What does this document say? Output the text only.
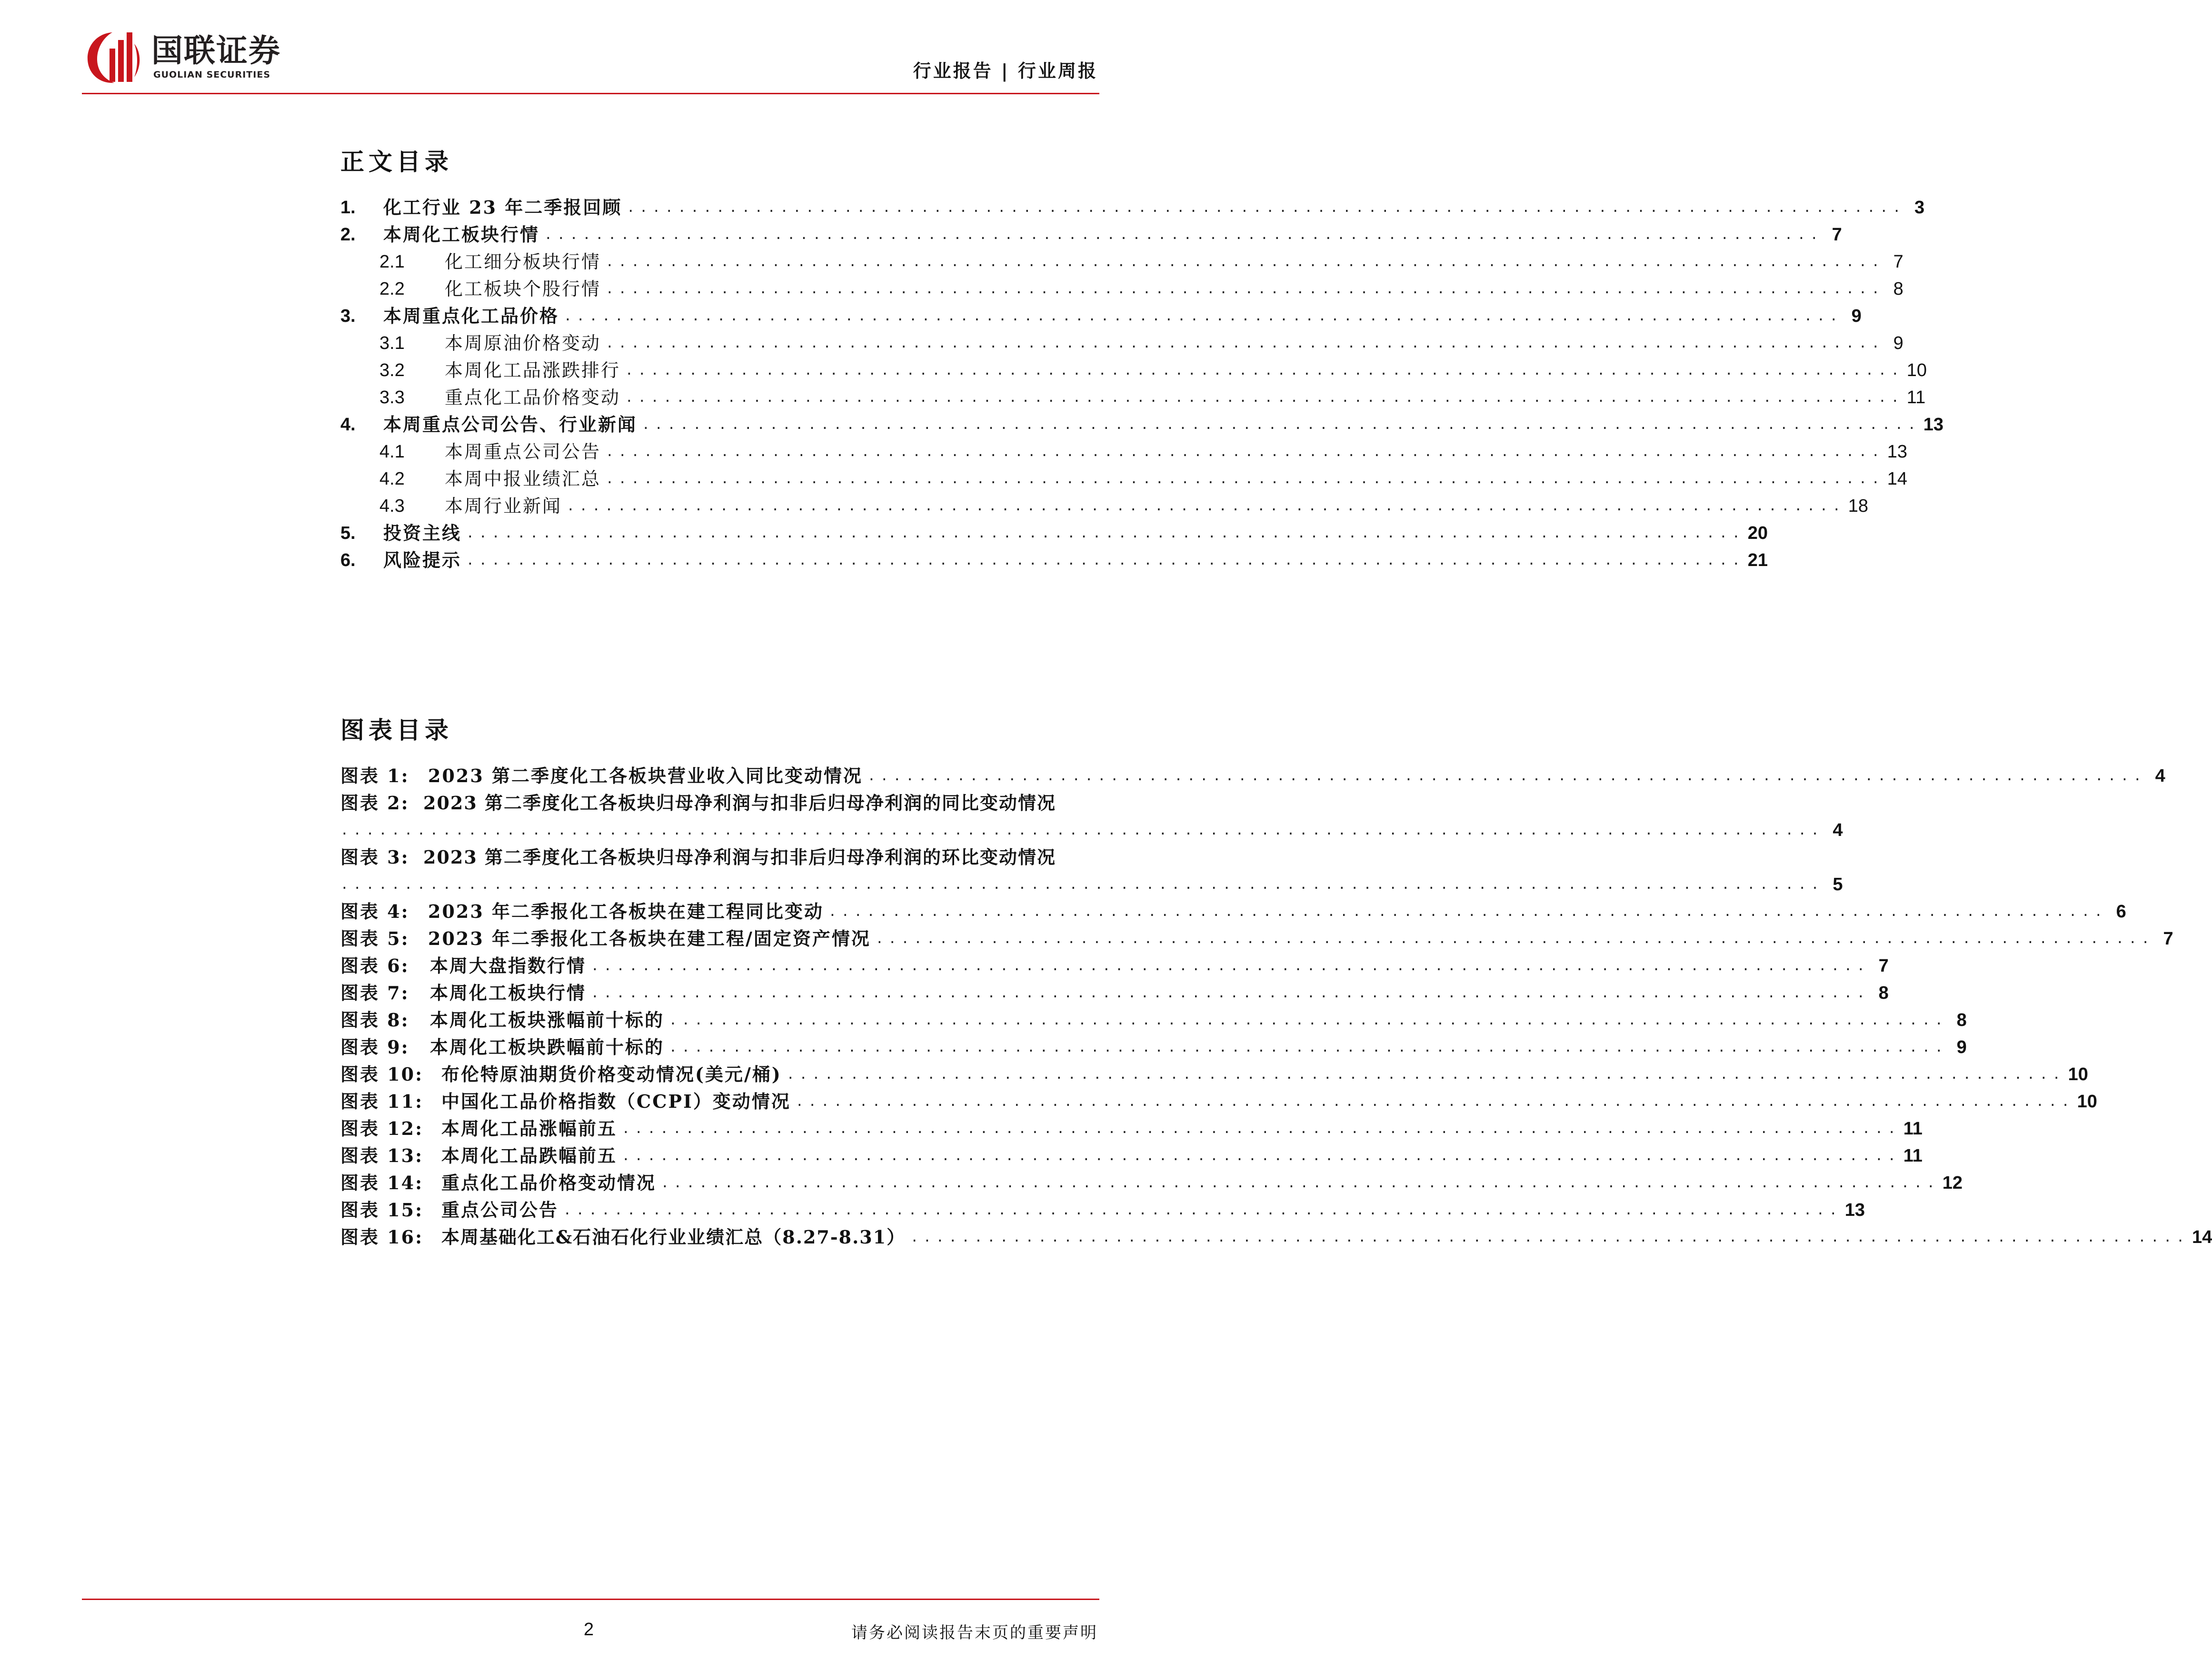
国联证券
GUOLIAN SECURITIES	行业报告 | 行业周报
正文目录
1.	化工行业 23 年二季报回顾 .................................................................................................... 3
2.	本周化工板块行情 .................................................................................................... 7
2.1	化工细分板块行情 .................................................................................................... 7
2.2	化工板块个股行情 .................................................................................................... 8
3.	本周重点化工品价格 .................................................................................................... 9
3.1	本周原油价格变动 .................................................................................................... 9
3.2	本周化工品涨跌排行 .................................................................................................... 10
3.3	重点化工品价格变动 .................................................................................................... 11
4.	本周重点公司公告、行业新闻 .................................................................................................... 13
4.1	本周重点公司公告 .................................................................................................... 13
4.2	本周中报业绩汇总 .................................................................................................... 14
4.3	本周行业新闻 .................................................................................................... 18
5.	投资主线 .................................................................................................... 20
6.	风险提示 .................................................................................................... 21
图表目录
图表 1:	2023 第二季度化工各板块营业收入同比变动情况 .................................................................................................... 4
图表 2: 2023 第二季度化工各板块归母净利润与扣非后归母净利润的同比变动情况
.................................................................................................................... 4
图表 3: 2023 第二季度化工各板块归母净利润与扣非后归母净利润的环比变动情况
.................................................................................................................... 5
图表 4:	2023 年二季报化工各板块在建工程同比变动 .................................................................................................... 6
图表 5:	2023 年二季报化工各板块在建工程/固定资产情况 .................................................................................................... 7
图表 6:	本周大盘指数行情 .................................................................................................... 7
图表 7:	本周化工板块行情 .................................................................................................... 8
图表 8:	本周化工板块涨幅前十标的 .................................................................................................... 8
图表 9:	本周化工板块跌幅前十标的 .................................................................................................... 9
图表 10: 布伦特原油期货价格变动情况(美元/桶) .................................................................................................... 10
图表 11: 中国化工品价格指数（CCPI）变动情况 .................................................................................................... 10
图表 12: 本周化工品涨幅前五 .................................................................................................... 11
图表 13: 本周化工品跌幅前五 .................................................................................................... 11
图表 14: 重点化工品价格变动情况 .................................................................................................... 12
图表 15: 重点公司公告 .................................................................................................... 13
图表 16: 本周基础化工&石油石化行业业绩汇总（8.27-8.31） .................................................................................................... 14
2	请务必阅读报告末页的重要声明
